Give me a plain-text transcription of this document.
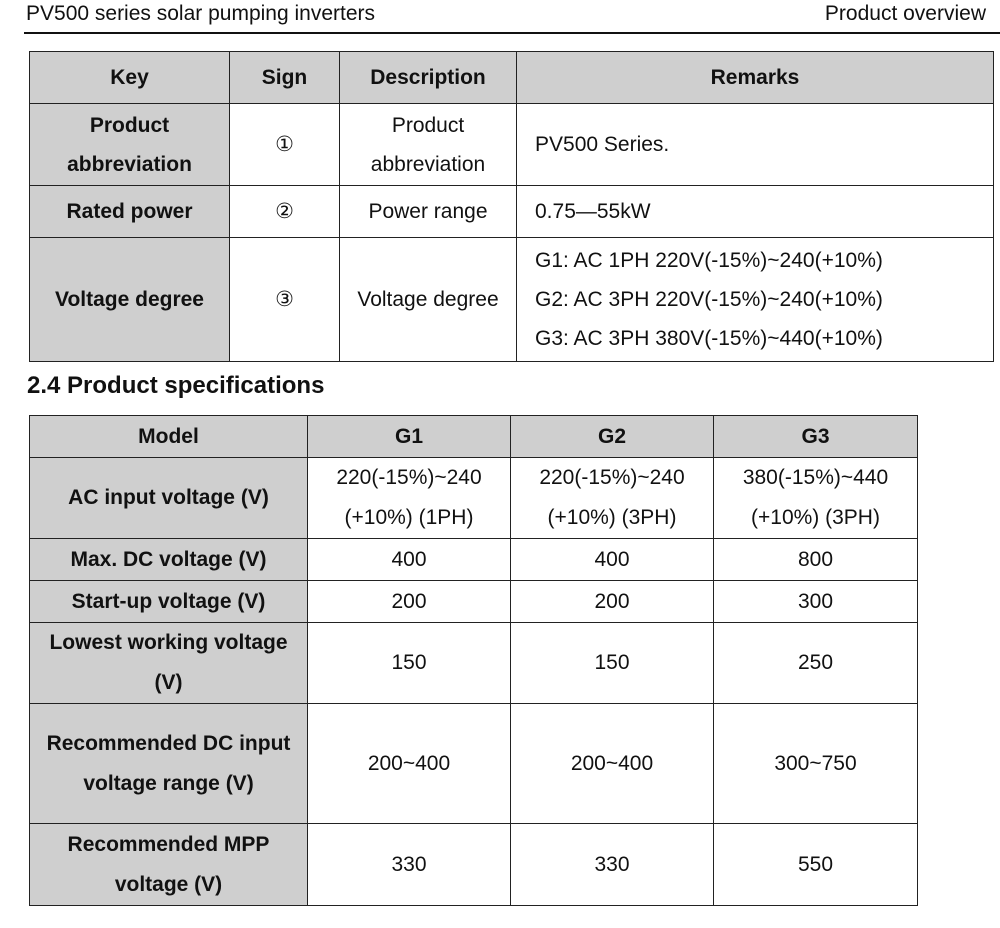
PV500 series solar pumping inverters	Product overview
Key	Sign	Description	Remarks
Product abbreviation	①	Product abbreviation	PV500 Series.
Rated power	②	Power range	0.75—55kW
Voltage degree	③	Voltage degree	G1: AC 1PH 220V(-15%)~240(+10%)
G2: AC 3PH 220V(-15%)~240(+10%)
G3: AC 3PH 380V(-15%)~440(+10%)
2.4 Product specifications
Model	G1	G2	G3
AC input voltage (V)	220(-15%)~240 (+10%) (1PH)	220(-15%)~240 (+10%) (3PH)	380(-15%)~440 (+10%) (3PH)
Max. DC voltage (V)	400	400	800
Start-up voltage (V)	200	200	300
Lowest working voltage (V)	150	150	250
Recommended DC input voltage range (V)	200~400	200~400	300~750
Recommended MPP voltage (V)	330	330	550
